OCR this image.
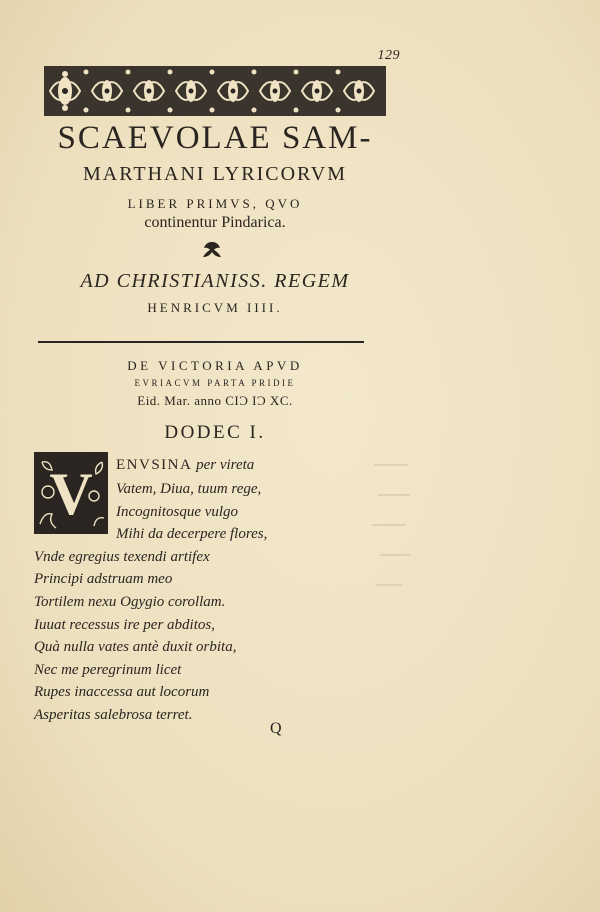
129
SCAEVOLAE SAM-
MARTHANI LYRICORVM
LIBER PRIMVS, QVO
continentur Pindarica.
AD CHRISTIANISS. REGEM
HENRICVM IIII.
DE VICTORIA APVD
EVRIACVM PARTA PRIDIE
Eid. Mar. anno CIƆ IƆ XC.
DODEC I.
V ENVSINA per vireta
Vatem, Diua, tuum rege,
Incognitosque vulgo
Mihi da decerpere flores,
Vnde egregius texendi artifex
Principi adstruam meo
Tortilem nexu Ogygio corollam.
Iuuat recessus ire per abditos,
Quà nulla vates antè duxit orbita,
Nec me peregrinum licet
Rupes inaccessa aut locorum
Asperitas salebrosa terret.
Q
